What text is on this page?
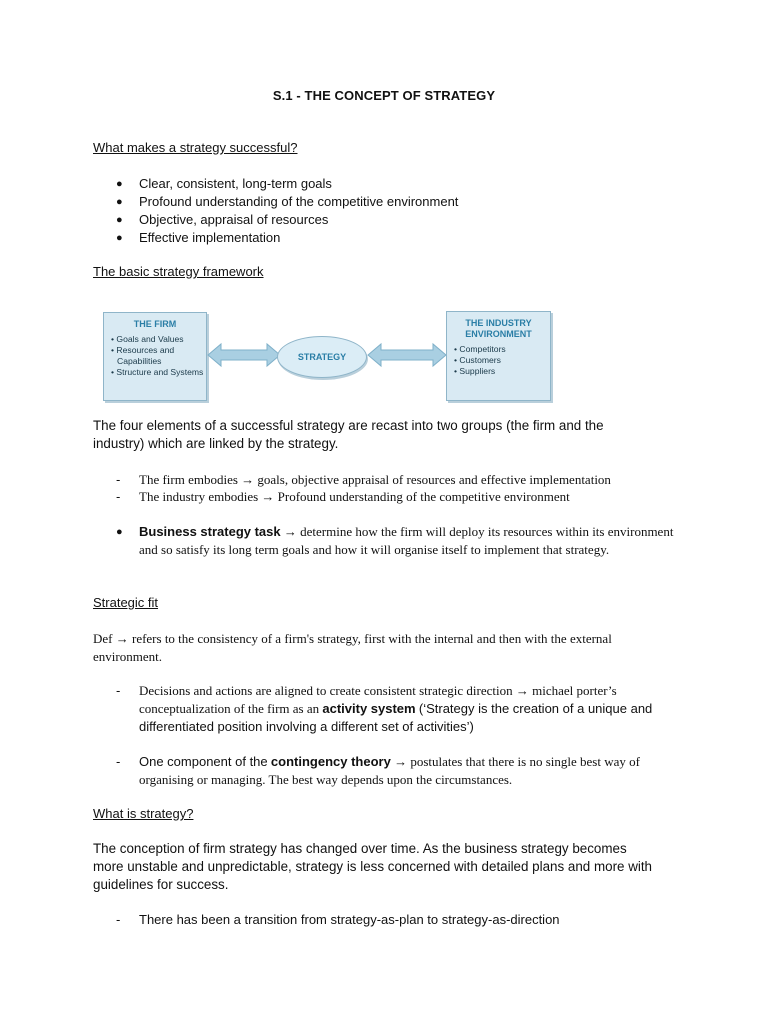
S.1 - THE CONCEPT OF STRATEGY
What makes a strategy successful?
●	Clear, consistent, long-term goals
●	Profound understanding of the competitive environment
●	Objective, appraisal of resources
●	Effective implementation
The basic strategy framework
THE FIRM
• Goals and Values
• Resources and Capabilities
• Structure and Systems
STRATEGY
THE INDUSTRY
ENVIRONMENT
• Competitors
• Customers
• Suppliers
The four elements of a successful strategy are recast into two groups (the firm and the industry) which are linked by the strategy.
-	The firm embodies → goals, objective appraisal of resources and effective implementation
-	The industry embodies → Profound understanding of the competitive environment
●	Business strategy task → determine how the firm will deploy its resources within its environment and so satisfy its long term goals and how it will organise itself to implement that strategy.
Strategic fit
Def → refers to the consistency of a firm's strategy, first with the internal and then with the external environment.
-	Decisions and actions are aligned to create consistent strategic direction → michael porter’s conceptualization of the firm as an activity system (‘Strategy is the creation of a unique and differentiated position involving a different set of activities’)
-	One component of the contingency theory → postulates that there is no single best way of organising or managing. The best way depends upon the circumstances.
What is strategy?
The conception of firm strategy has changed over time. As the business strategy becomes more unstable and unpredictable, strategy is less concerned with detailed plans and more with guidelines for success.
-	There has been a transition from strategy-as-plan to strategy-as-direction
